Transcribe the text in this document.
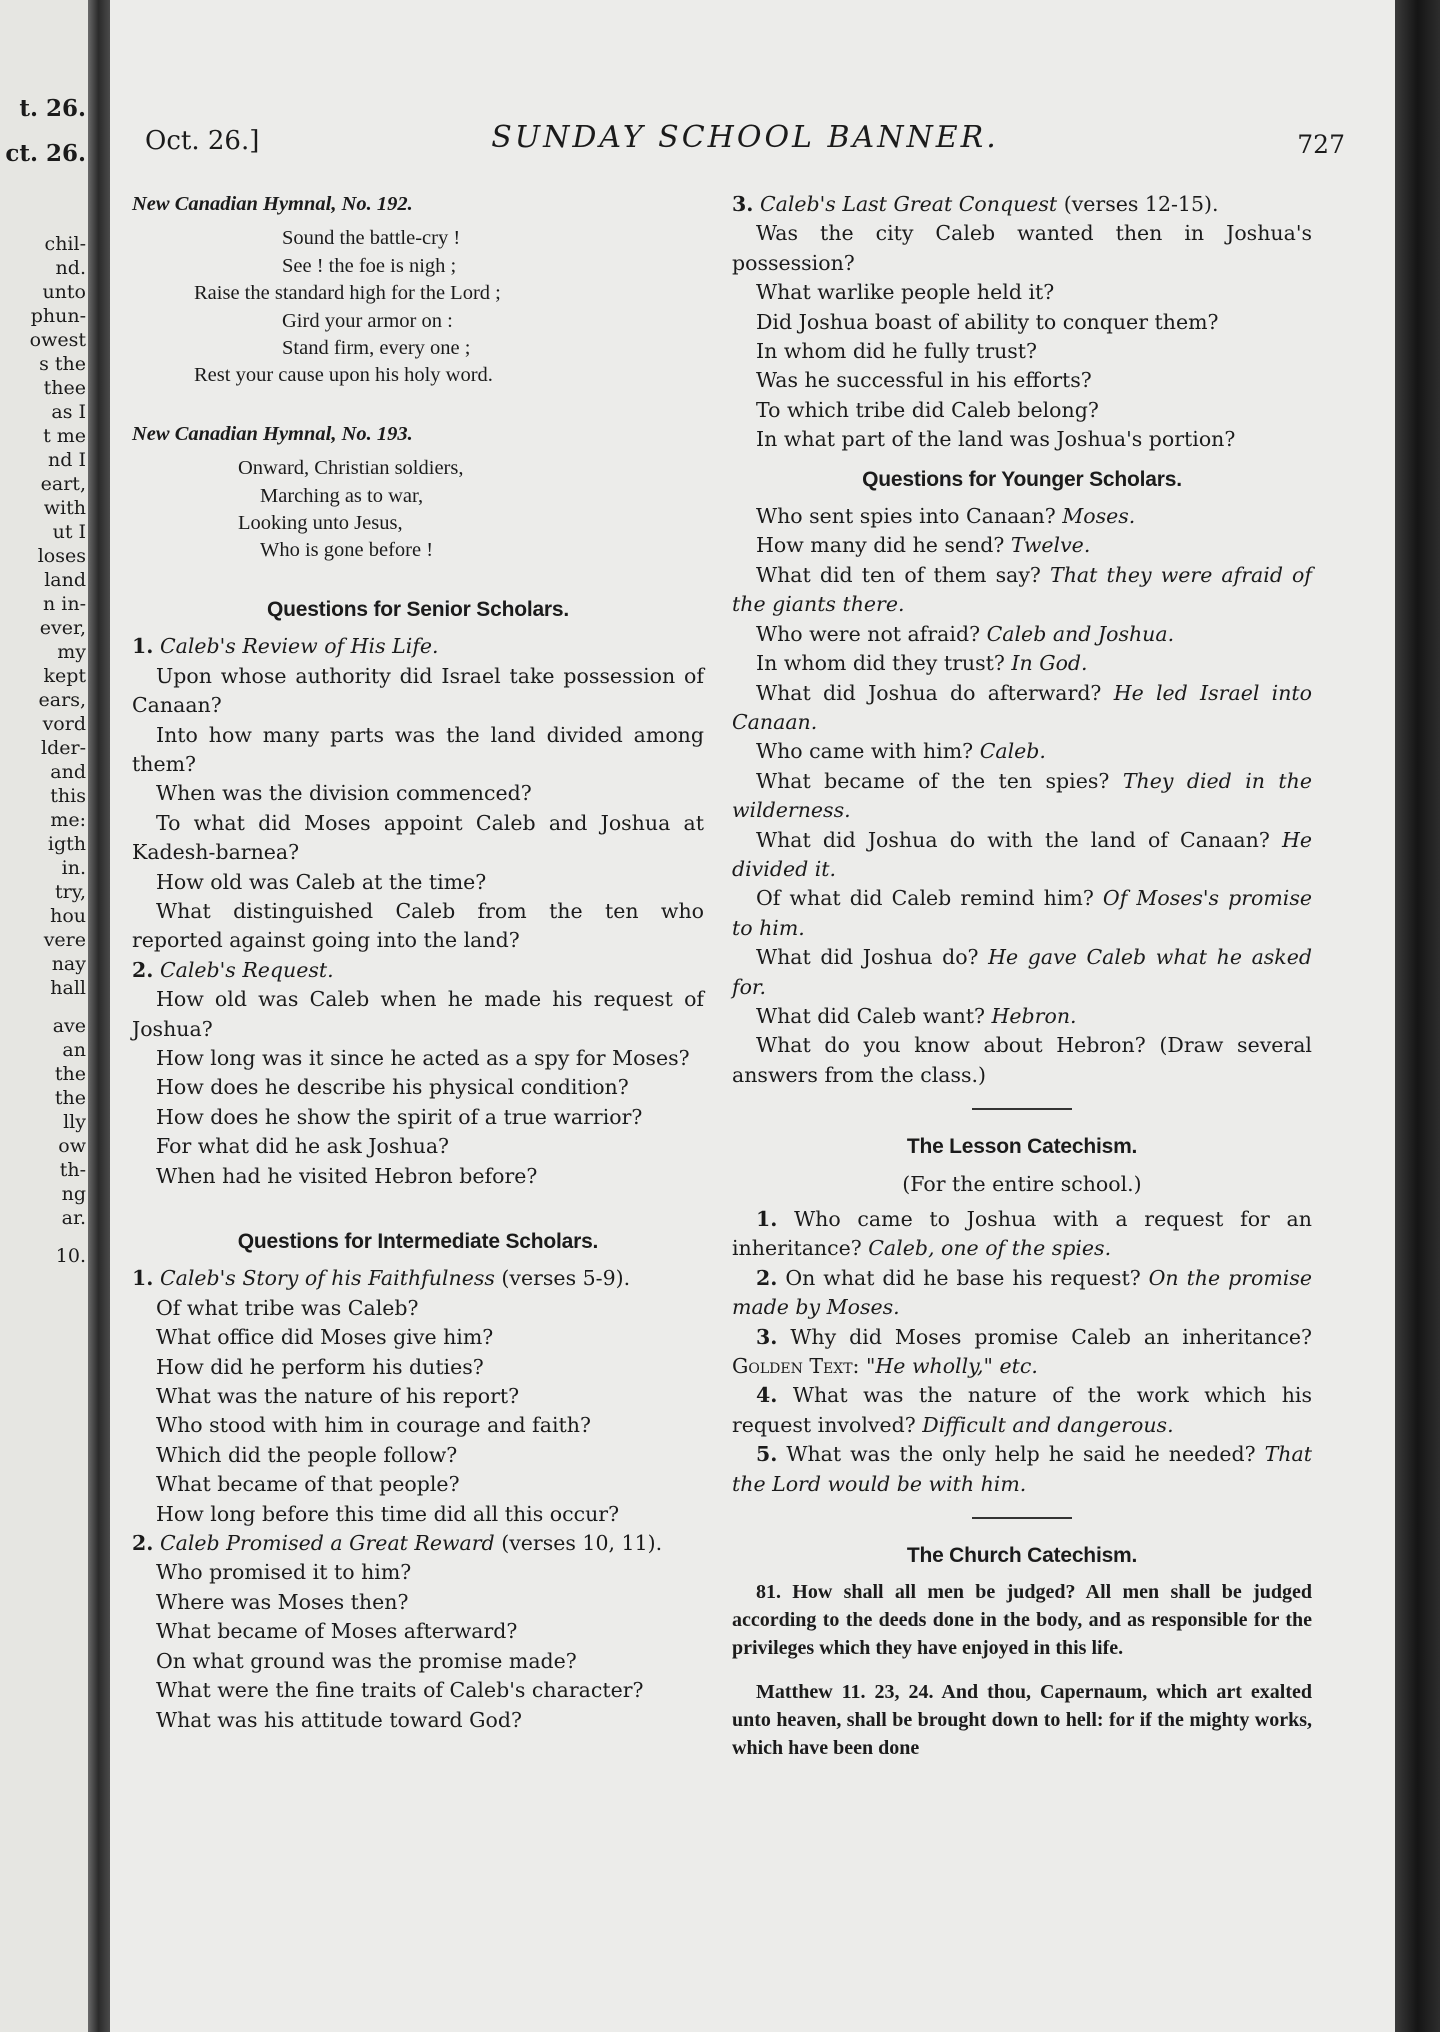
t. 26.
ct. 26.
chil-
nd.
unto
phun-
owest
s the
thee
as I
t me
nd I
eart,
with
ut I
loses
land
n in-
ever,
my
kept
ears,
vord
lder-
and
this
me:
igth
in.
try,
hou
vere
nay
hall
ave
an
the
the
lly
ow
th-
ng
ar.
10.
Oct. 26.]	SUNDAY SCHOOL BANNER.	727
New Canadian Hymnal, No. 192.
Sound the battle-cry !
See ! the foe is nigh ;
Raise the standard high for the Lord ;
Gird your armor on :
Stand firm, every one ;
Rest your cause upon his holy word.
New Canadian Hymnal, No. 193.
Onward, Christian soldiers,
Marching as to war,
Looking unto Jesus,
Who is gone before !
Questions for Senior Scholars.

1. Caleb's Review of His Life.

Upon whose authority did Israel take possession of Canaan?

Into how many parts was the land divided among them?

When was the division commenced?

To what did Moses appoint Caleb and Joshua at Kadesh-barnea?

How old was Caleb at the time?

What distinguished Caleb from the ten who reported against going into the land?

2. Caleb's Request.

How old was Caleb when he made his request of Joshua?

How long was it since he acted as a spy for Moses?

How does he describe his physical condition?

How does he show the spirit of a true warrior?

For what did he ask Joshua?

When had he visited Hebron before?

Questions for Intermediate Scholars.

1. Caleb's Story of his Faithfulness (verses 5-9).

Of what tribe was Caleb?

What office did Moses give him?

How did he perform his duties?

What was the nature of his report?

Who stood with him in courage and faith?

Which did the people follow?

What became of that people?

How long before this time did all this occur?

2. Caleb Promised a Great Reward (verses 10, 11).

Who promised it to him?

Where was Moses then?

What became of Moses afterward?

On what ground was the promise made?

What were the fine traits of Caleb's character?

What was his attitude toward God?

3. Caleb's Last Great Conquest (verses 12-15).

Was the city Caleb wanted then in Joshua's possession?

What warlike people held it?

Did Joshua boast of ability to conquer them?

In whom did he fully trust?

Was he successful in his efforts?

To which tribe did Caleb belong?

In what part of the land was Joshua's portion?

Questions for Younger Scholars.

Who sent spies into Canaan? Moses.

How many did he send? Twelve.

What did ten of them say? That they were afraid of the giants there.

Who were not afraid? Caleb and Joshua.

In whom did they trust? In God.

What did Joshua do afterward? He led Israel into Canaan.

Who came with him? Caleb.

What became of the ten spies? They died in the wilderness.

What did Joshua do with the land of Canaan? He divided it.

Of what did Caleb remind him? Of Moses's promise to him.

What did Joshua do? He gave Caleb what he asked for.

What did Caleb want? Hebron.

What do you know about Hebron? (Draw several answers from the class.)

The Lesson Catechism.

(For the entire school.)

1. Who came to Joshua with a request for an inheritance? Caleb, one of the spies.

2. On what did he base his request? On the promise made by Moses.

3. Why did Moses promise Caleb an inheritance? Golden Text: "He wholly," etc.

4. What was the nature of the work which his request involved? Difficult and dangerous.

5. What was the only help he said he needed? That the Lord would be with him.

The Church Catechism.

81. How shall all men be judged? All men shall be judged according to the deeds done in the body, and as responsible for the privileges which they have enjoyed in this life.

Matthew 11. 23, 24. And thou, Capernaum, which art exalted unto heaven, shall be brought down to hell: for if the mighty works, which have been done
